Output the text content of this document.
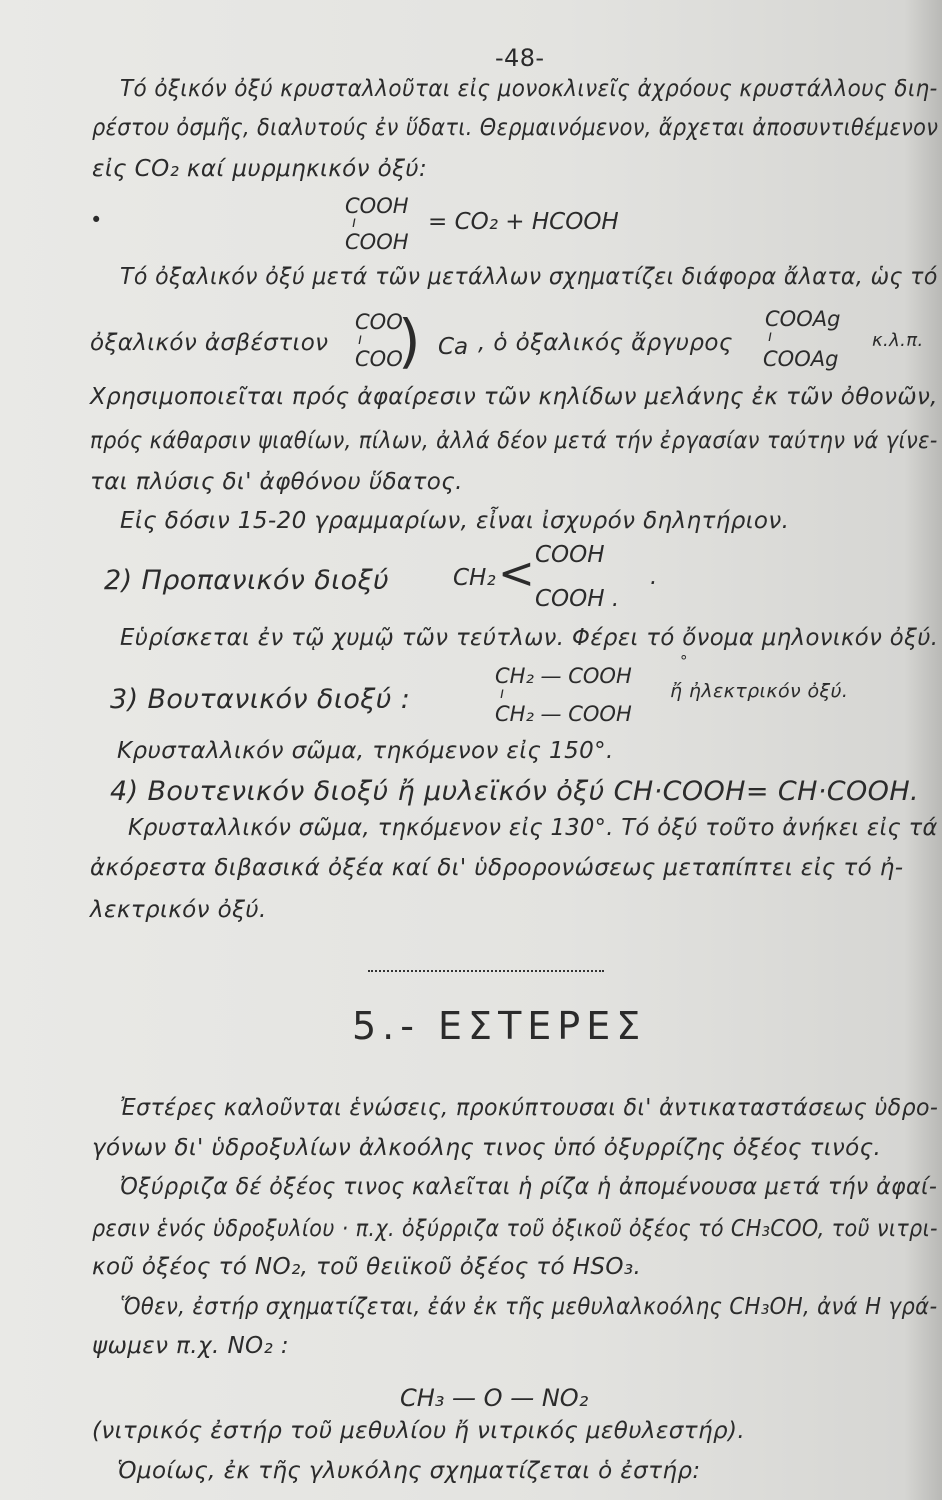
-48-
Τό ὀξικόν ὀξύ κρυσταλλοῦται εἰς μονοκλινεῖς ἀχρόους κρυστάλλους διη-
ρέστου ὀσμῆς, διαλυτούς ἐν ὕδατι. Θερμαινόμενον, ἄρχεται ἀποσυντιθέμενον
εἰς CO₂ καί μυρμηκικόν ὀξύ:
•
COOH
ı
COOH
= CO₂ + HCOOH
Τό ὀξαλικόν ὀξύ μετά τῶν μετάλλων σχηματίζει διάφορα ἄλατα, ὡς τό
ὀξαλικόν ἀσβέστιον
COO
ı
COO
) Ca , ὁ ὀξαλικός ἄργυρος
COOAg
ı
COOAg
κ.λ.π.
Χρησιμοποιεῖται πρός ἀφαίρεσιν τῶν κηλίδων μελάνης ἐκ τῶν ὀθονῶν,
πρός κάθαρσιν ψιαθίων, πίλων, ἀλλά δέον μετά τήν ἐργασίαν ταύτην νά γίνε-
ται πλύσις δι' ἀφθόνου ὕδατος.
Εἰς δόσιν 15-20 γραμμαρίων, εἶναι ἰσχυρόν δηλητήριον.
2) Προπανικόν διοξύ	CH₂ < COOH
COOH .
.
Εὑρίσκεται ἐν τῷ χυμῷ τῶν τεύτλων. Φέρει τό ὄνομα μηλονικόν ὀξύ.
°
3) Βουτανικόν διοξύ :
CH₂ — COOH
ı
CH₂ — COOH
ἤ ἠλεκτρικόν ὀξύ.
Κρυσταλλικόν σῶμα, τηκόμενον εἰς 150°.
4) Βουτενικόν διοξύ ἤ μυλεϊκόν ὀξύ CH·COOH= CH·COOH.
Κρυσταλλικόν σῶμα, τηκόμενον εἰς 130°. Τό ὀξύ τοῦτο ἀνήκει εἰς τά
ἀκόρεστα διβασικά ὀξέα καί δι' ὑδρορονώσεως μεταπίπτει εἰς τό ἠ-
λεκτρικόν ὀξύ.
5.- ΕΣΤΕΡΕΣ
Ἐστέρες καλοῦνται ἑνώσεις, προκύπτουσαι δι' ἀντικαταστάσεως ὑδρο-
γόνων δι' ὑδροξυλίων ἀλκοόλης τινος ὑπό ὀξυρρίζης ὀξέος τινός.
Ὀξύρριζα δέ ὀξέος τινος καλεῖται ἡ ρίζα ἡ ἀπομένουσα μετά τήν ἀφαί-
ρεσιν ἑνός ὑδροξυλίου · π.χ. ὀξύρριζα τοῦ ὀξικοῦ ὀξέος τό CH₃COO, τοῦ νιτρι-
κοῦ ὀξέος τό NO₂, τοῦ θειϊκοῦ ὀξέος τό HSO₃.
Ὅθεν, ἐστήρ σχηματίζεται, ἐάν ἐκ τῆς μεθυλαλκοόλης CH₃OH, ἀνά H γρά-
ψωμεν π.χ. NO₂ :
CH₃ — O — NO₂
(νιτρικός ἐστήρ τοῦ μεθυλίου ἤ νιτρικός μεθυλεστήρ).
Ὁμοίως, ἐκ τῆς γλυκόλης σχηματίζεται ὁ ἐστήρ:
